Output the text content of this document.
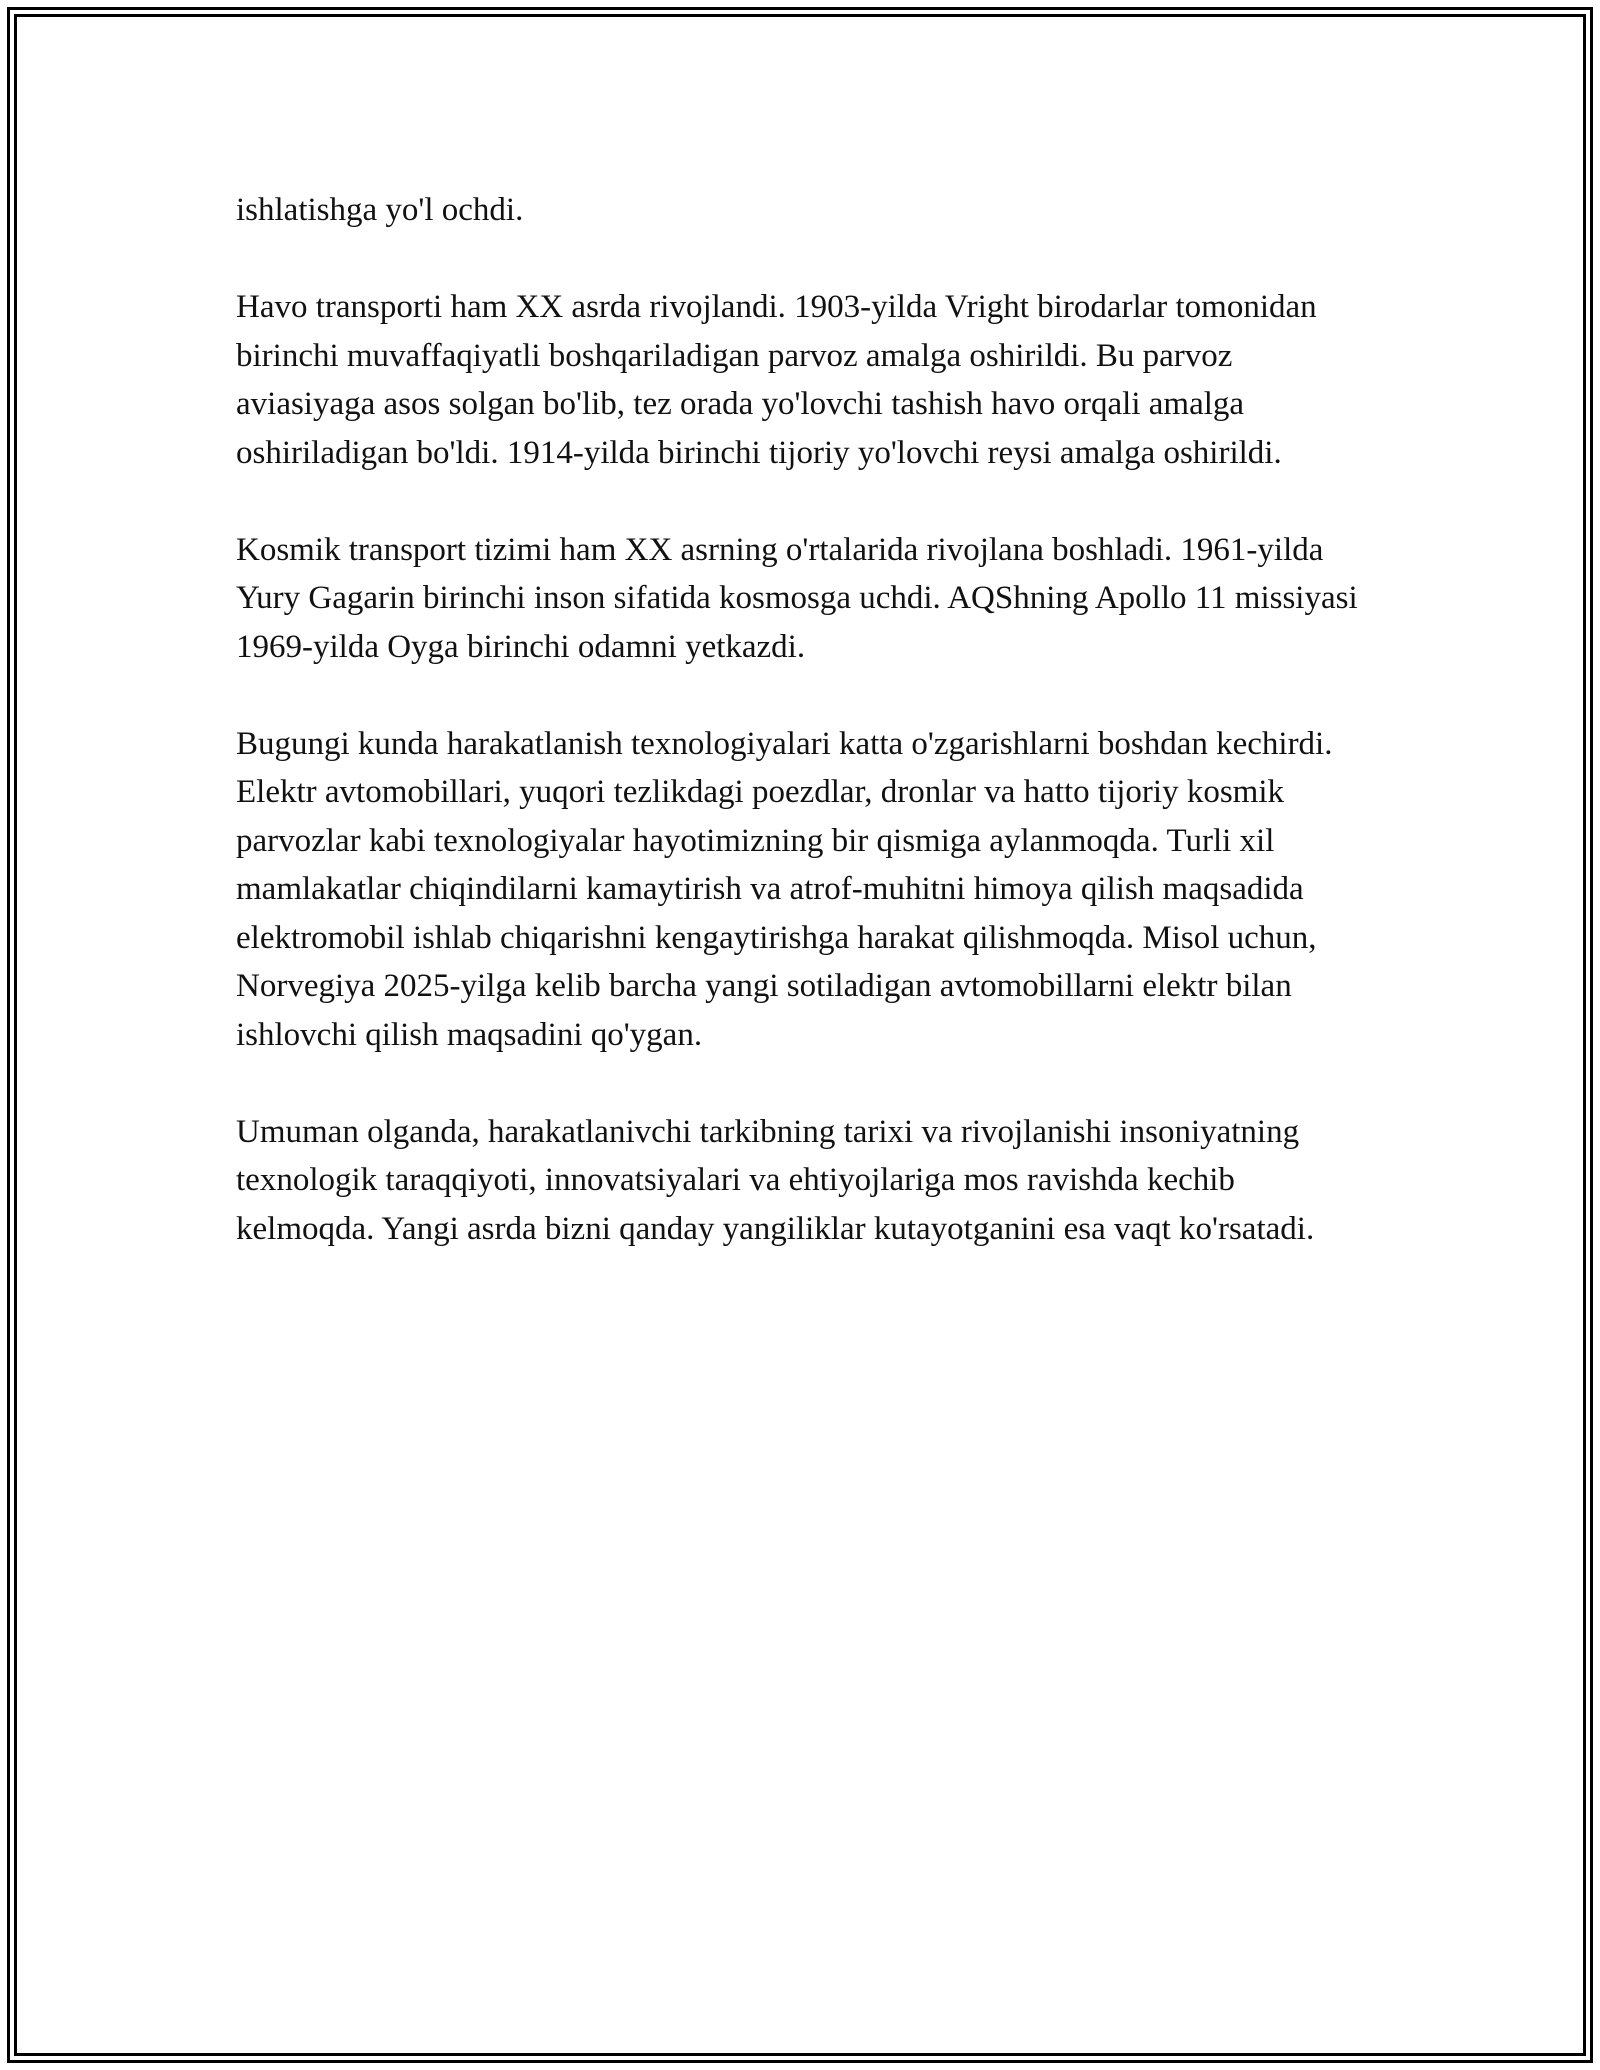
ishlatishga yo'l ochdi.

Havo transporti ham XX asrda rivojlandi. 1903-yilda Vright birodarlar tomonidan birinchi muvaffaqiyatli boshqariladigan parvoz amalga oshirildi. Bu parvoz aviasiyaga asos solgan bo'lib, tez orada yo'lovchi tashish havo orqali amalga oshiriladigan bo'ldi. 1914-yilda birinchi tijoriy yo'lovchi reysi amalga oshirildi.

Kosmik transport tizimi ham XX asrning o'rtalarida rivojlana boshladi. 1961-yilda Yury Gagarin birinchi inson sifatida kosmosga uchdi. AQShning Apollo 11 missiyasi 1969-yilda Oyga birinchi odamni yetkazdi.

Bugungi kunda harakatlanish texnologiyalari katta o'zgarishlarni boshdan kechirdi. Elektr avtomobillari, yuqori tezlikdagi poezdlar, dronlar va hatto tijoriy kosmik parvozlar kabi texnologiyalar hayotimizning bir qismiga aylanmoqda. Turli xil mamlakatlar chiqindilarni kamaytirish va atrof-muhitni himoya qilish maqsadida elektromobil ishlab chiqarishni kengaytirishga harakat qilishmoqda. Misol uchun, Norvegiya 2025-yilga kelib barcha yangi sotiladigan avtomobillarni elektr bilan ishlovchi qilish maqsadini qo'ygan.

Umuman olganda, harakatlanivchi tarkibning tarixi va rivojlanishi insoniyatning texnologik taraqqiyoti, innovatsiyalari va ehtiyojlariga mos ravishda kechib kelmoqda. Yangi asrda bizni qanday yangiliklar kutayotganini esa vaqt ko'rsatadi.
